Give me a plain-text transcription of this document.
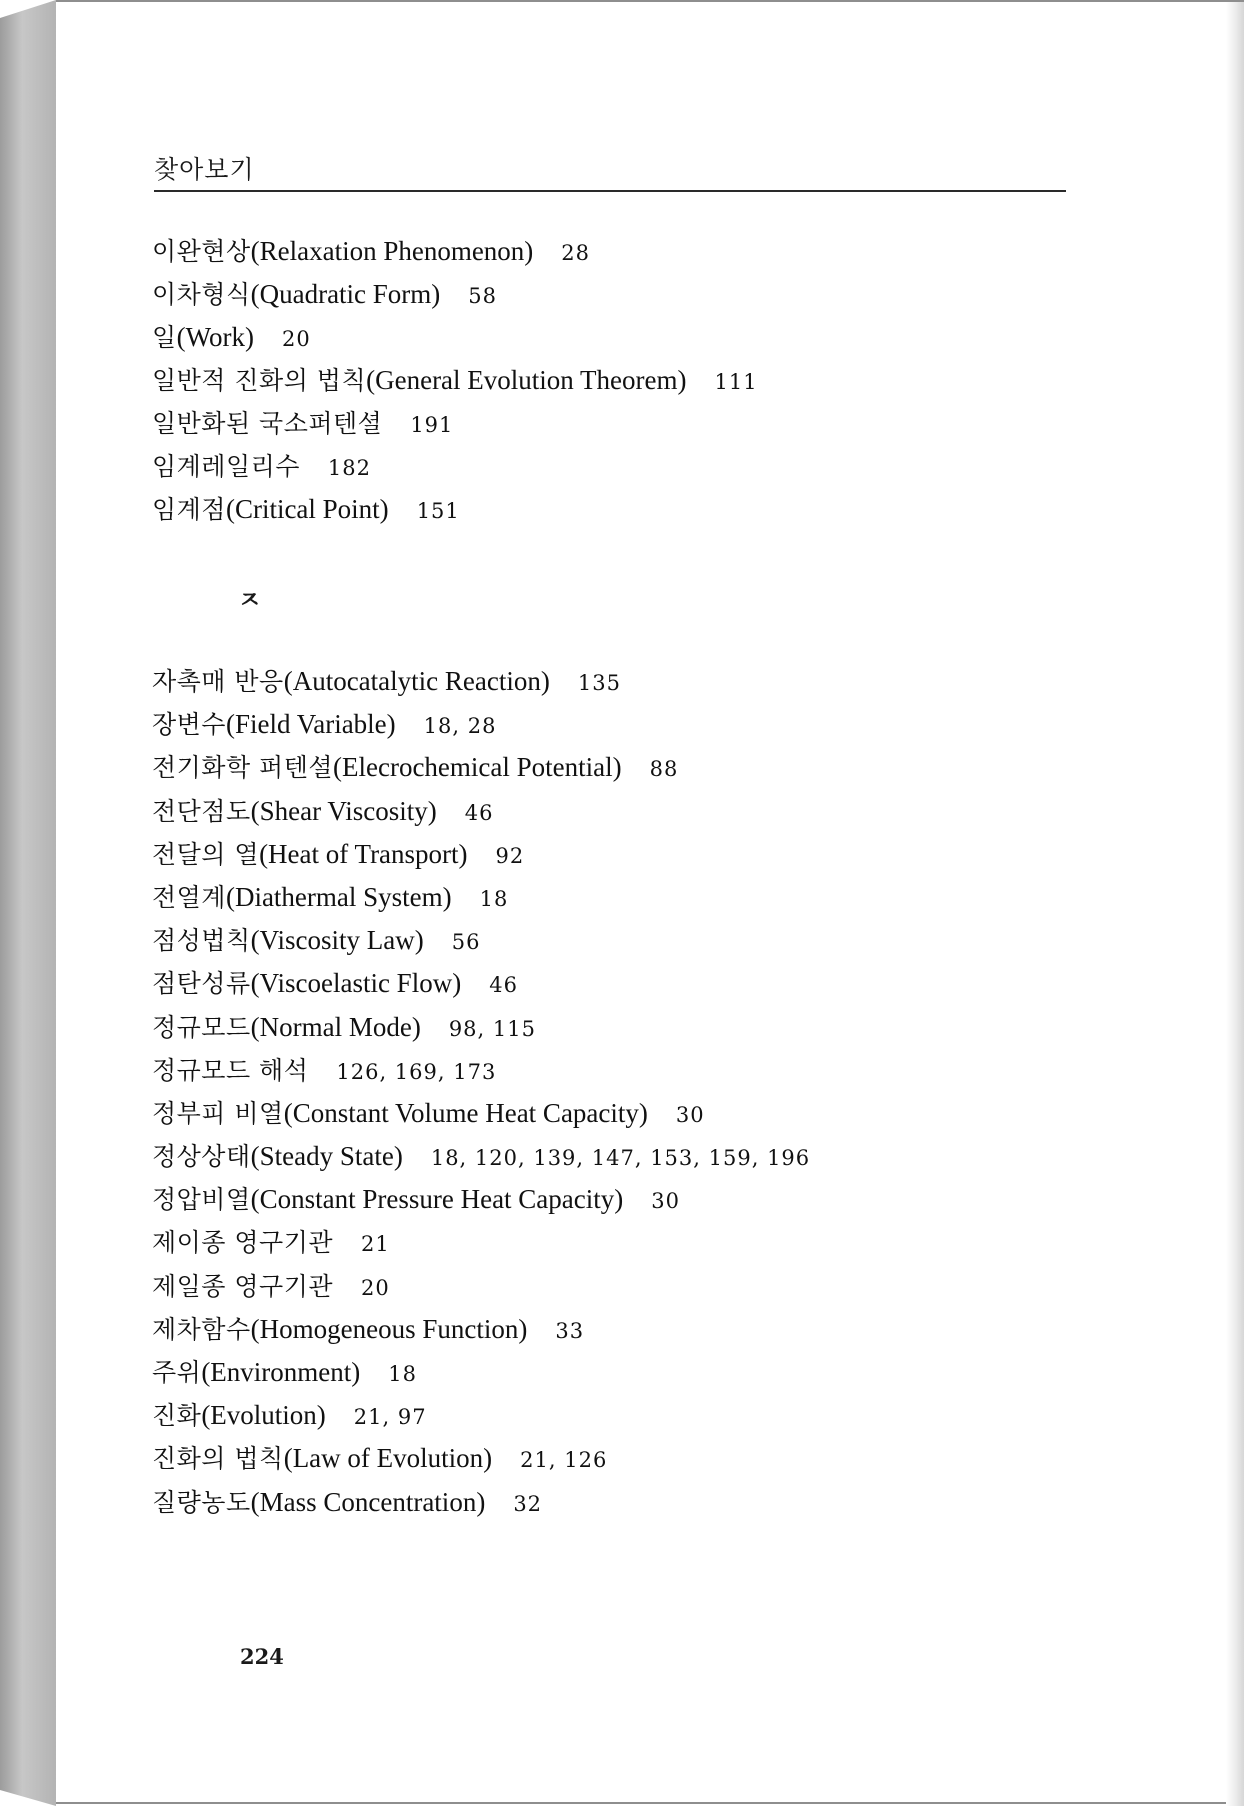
찾아보기
이완현상(Relaxation Phenomenon) 28
이차형식(Quadratic Form) 58
일(Work) 20
일반적 진화의 법칙(General Evolution Theorem) 111
일반화된 국소퍼텐셜 191
임계레일리수 182
임계점(Critical Point) 151
ㅈ
자촉매 반응(Autocatalytic Reaction) 135
장변수(Field Variable) 18, 28
전기화학 퍼텐셜(Elecrochemical Potential) 88
전단점도(Shear Viscosity) 46
전달의 열(Heat of Transport) 92
전열계(Diathermal System) 18
점성법칙(Viscosity Law) 56
점탄성류(Viscoelastic Flow) 46
정규모드(Normal Mode) 98, 115
정규모드 해석 126, 169, 173
정부피 비열(Constant Volume Heat Capacity) 30
정상상태(Steady State) 18, 120, 139, 147, 153, 159, 196
정압비열(Constant Pressure Heat Capacity) 30
제이종 영구기관 21
제일종 영구기관 20
제차함수(Homogeneous Function) 33
주위(Environment) 18
진화(Evolution) 21, 97
진화의 법칙(Law of Evolution) 21, 126
질량농도(Mass Concentration) 32
224
